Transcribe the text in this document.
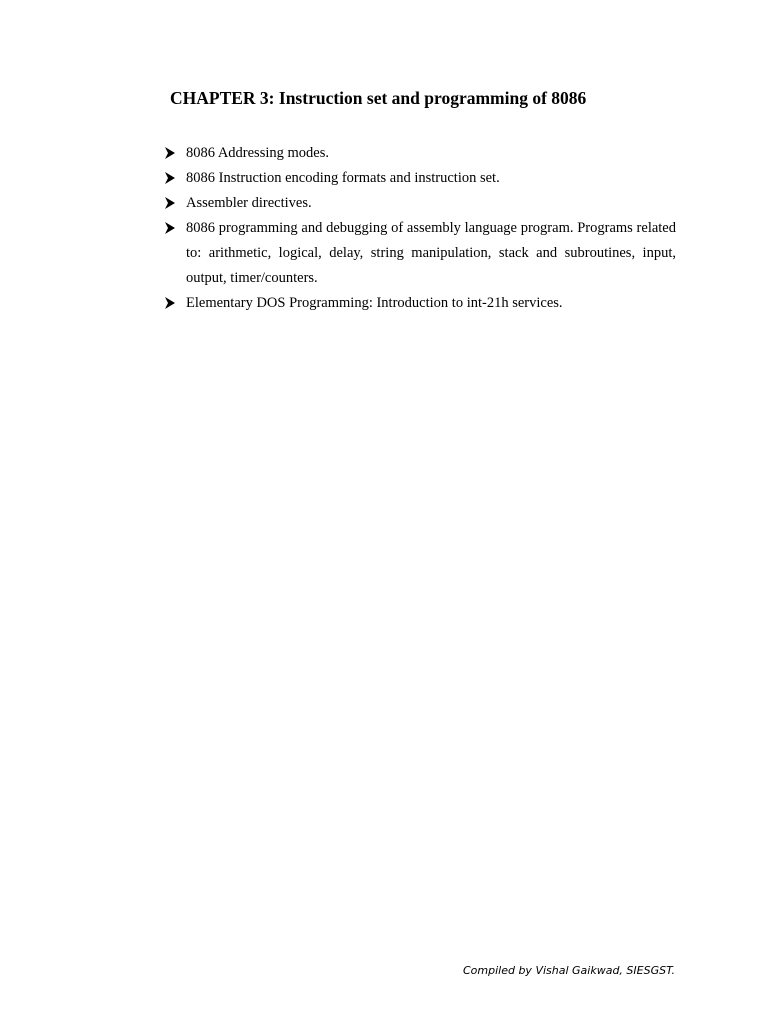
CHAPTER 3: Instruction set and programming of 8086
8086 Addressing modes.
8086 Instruction encoding formats and instruction set.
Assembler directives.
8086 programming and debugging of assembly language program. Programs related to: arithmetic, logical, delay, string manipulation, stack and subroutines, input, output, timer/counters.
Elementary DOS Programming: Introduction to int-21h services.

Compiled by Vishal Gaikwad, SIESGST.
